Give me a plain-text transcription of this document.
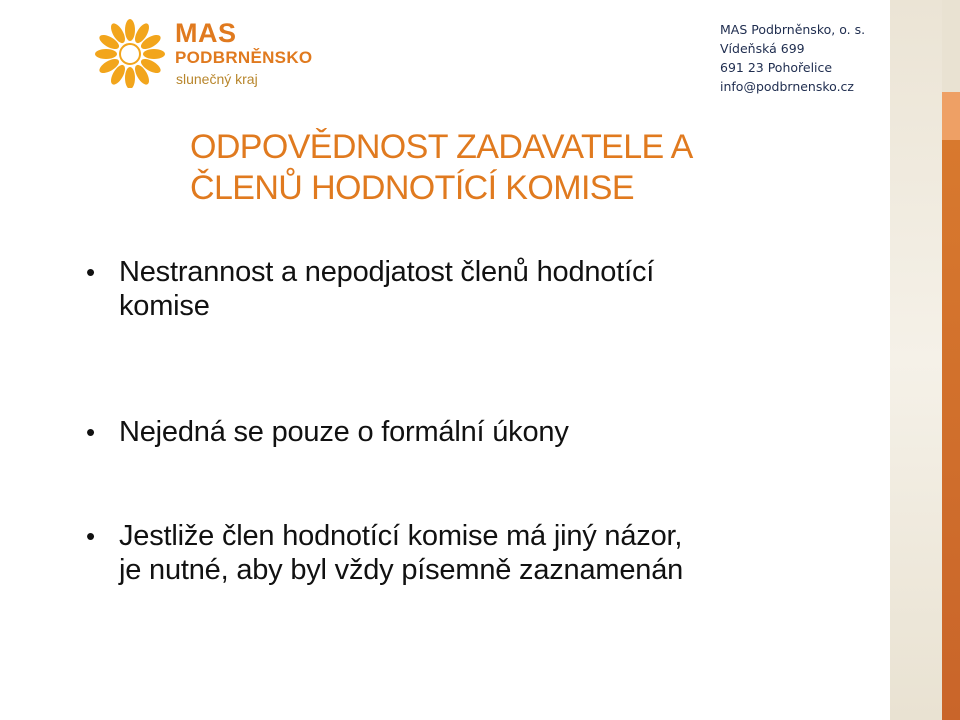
MAS
PODBRNĚNSKO
slunečný kraj
MAS Podbrněnsko, o. s.
Vídeňská 699
691 23 Pohořelice
info@podbrnensko.cz
ODPOVĚDNOST ZADAVATELE A
ČLENŮ HODNOTÍCÍ KOMISE
• Nestrannost a nepodjatost členů hodnotící
komise
• Nejedná se pouze o formální úkony
• Jestliže člen hodnotící komise má jiný názor,
je nutné, aby byl vždy písemně zaznamenán
